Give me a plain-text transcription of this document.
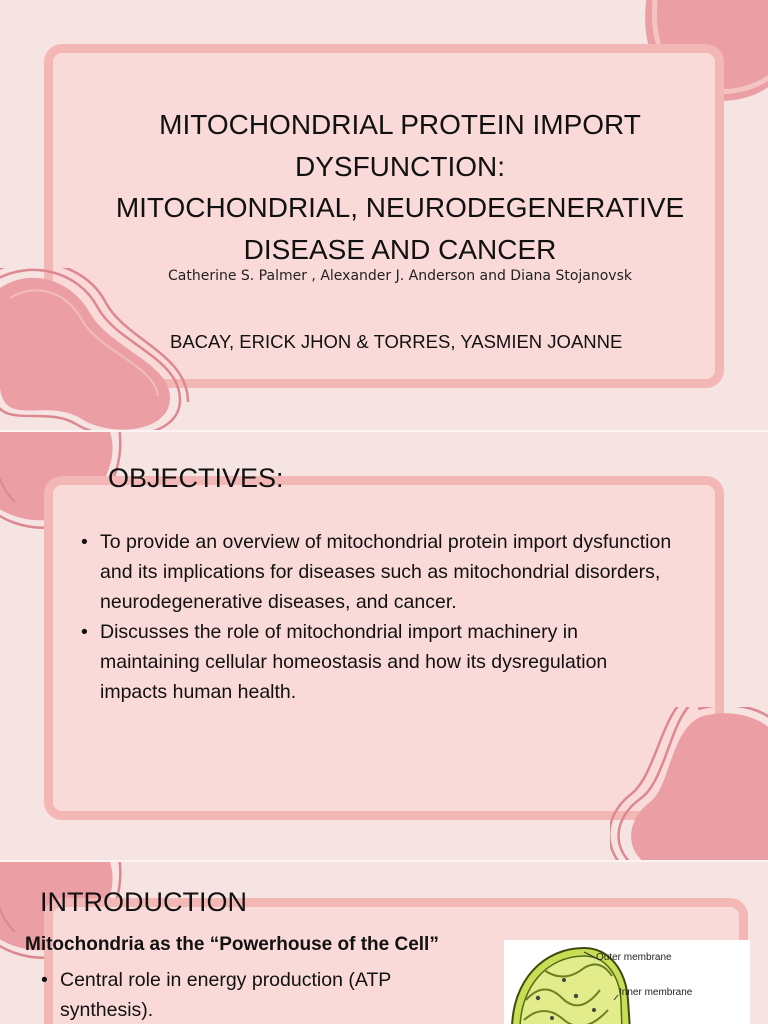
MITOCHONDRIAL PROTEIN IMPORT
DYSFUNCTION:
MITOCHONDRIAL, NEURODEGENERATIVE
DISEASE AND CANCER
Catherine S. Palmer , Alexander J. Anderson and Diana Stojanovsk
BACAY, ERICK JHON & TORRES, YASMIEN JOANNE
OBJECTIVES:
• To provide an overview of mitochondrial protein import dysfunction and its implications for diseases such as mitochondrial disorders, neurodegenerative diseases, and cancer.
• Discusses the role of mitochondrial import machinery in maintaining cellular homeostasis and how its dysregulation impacts human health.
INTRODUCTION
Mitochondria as the “Powerhouse of the Cell”
• Central role in energy production (ATP synthesis).
Outer membrane
Inner membrane
